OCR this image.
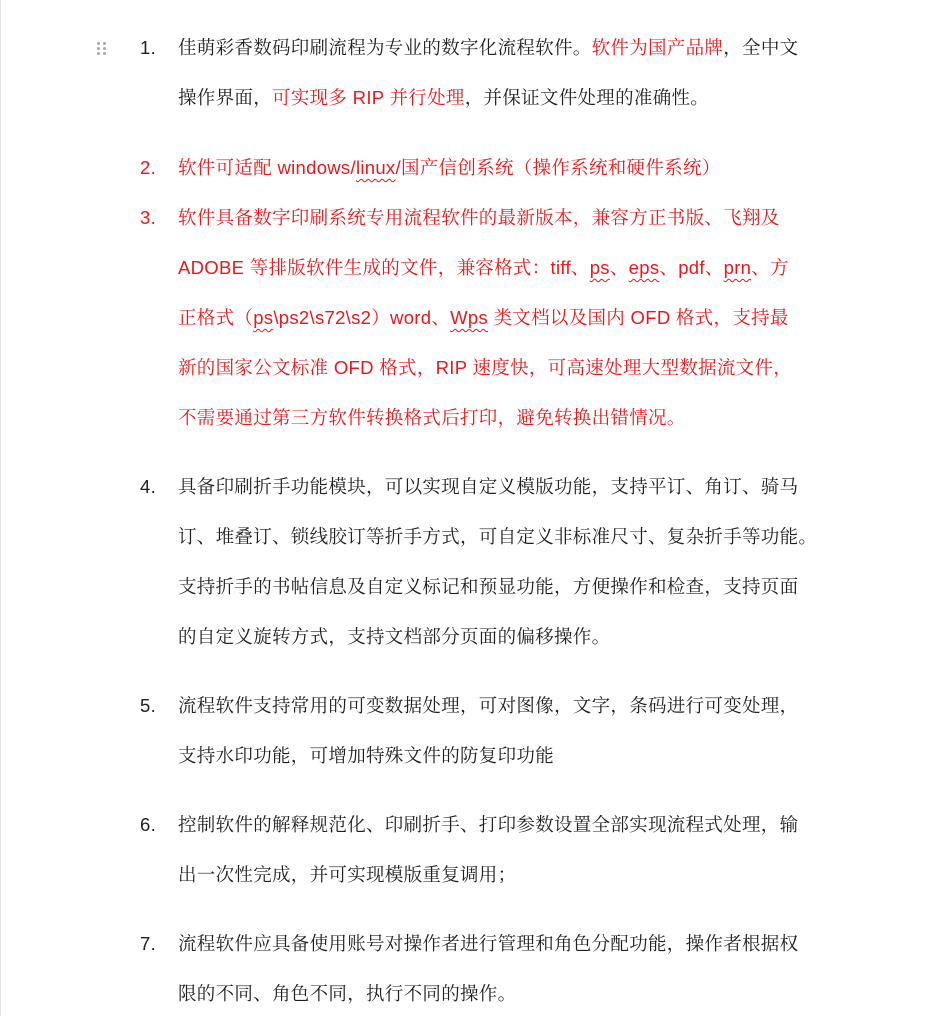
1.	佳萌彩香数码印刷流程为专业的数字化流程软件。软件为国产品牌，全中文
操作界面，可实现多 RIP 并行处理，并保证文件处理的准确性。
2.	软件可适配 windows/linux/国产信创系统（操作系统和硬件系统）
3.	软件具备数字印刷系统专用流程软件的最新版本，兼容方正书版、飞翔及
ADOBE 等排版软件生成的文件，兼容格式：tiff、ps、eps、pdf、prn、方
正格式（ps\ps2\s72\s2）word、Wps 类文档以及国内 OFD 格式，支持最
新的国家公文标准 OFD 格式，RIP 速度快，可高速处理大型数据流文件，
不需要通过第三方软件转换格式后打印，避免转换出错情况。
4.	具备印刷折手功能模块，可以实现自定义模版功能，支持平订、角订、骑马
订、堆叠订、锁线胶订等折手方式，可自定义非标准尺寸、复杂折手等功能。
支持折手的书帖信息及自定义标记和预显功能，方便操作和检查，支持页面
的自定义旋转方式，支持文档部分页面的偏移操作。
5.	流程软件支持常用的可变数据处理，可对图像，文字，条码进行可变处理，
支持水印功能，可增加特殊文件的防复印功能
6.	控制软件的解释规范化、印刷折手、打印参数设置全部实现流程式处理，输
出一次性完成，并可实现模版重复调用；
7.	流程软件应具备使用账号对操作者进行管理和角色分配功能，操作者根据权
限的不同、角色不同，执行不同的操作。
